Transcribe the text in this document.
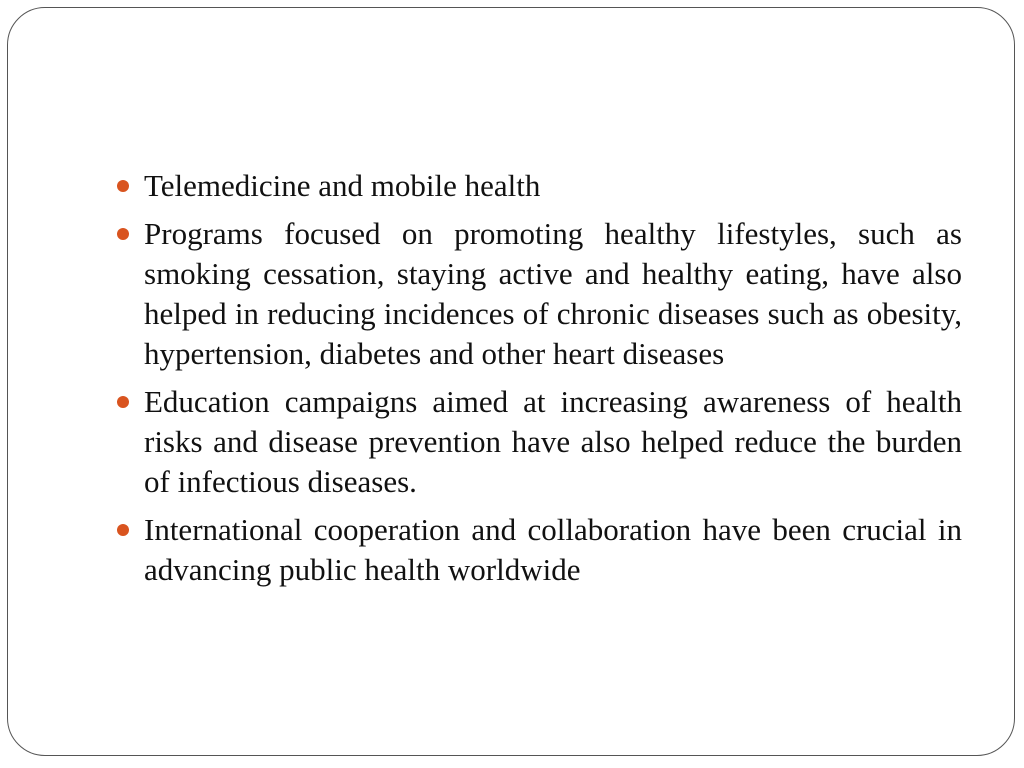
Telemedicine and mobile health
Programs focused on promoting healthy lifestyles, such as smoking cessation, staying active and healthy eating, have also helped in reducing incidences of chronic diseases such as obesity, hypertension, diabetes and other heart diseases
Education campaigns aimed at increasing awareness of health risks and disease prevention have also helped reduce the burden of infectious diseases.
International cooperation and collaboration have been crucial in advancing public health worldwide
